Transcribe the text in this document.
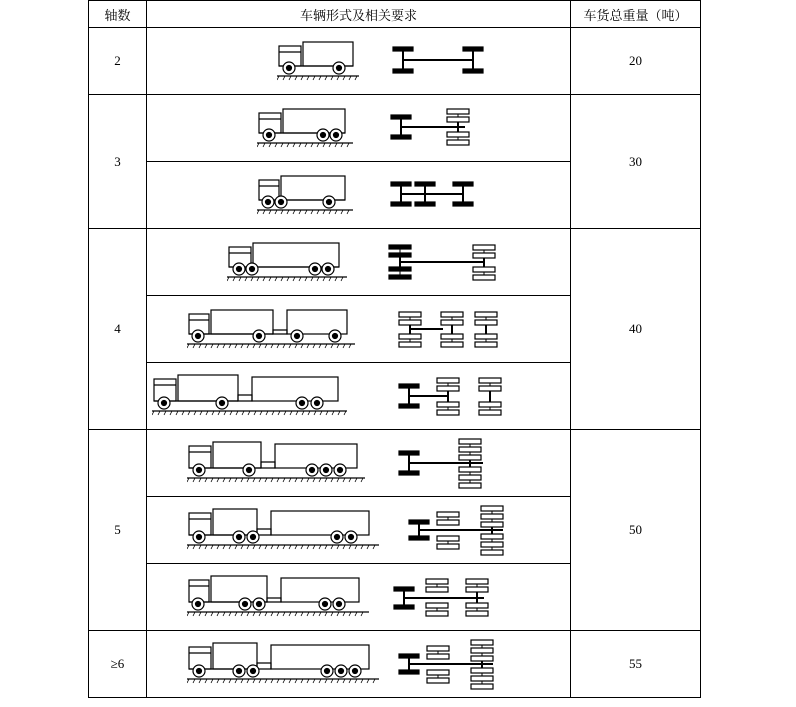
轴数	车辆形式及相关要求	车货总重量（吨）
2		20
3		30

4		40

5		50

≥6		55
